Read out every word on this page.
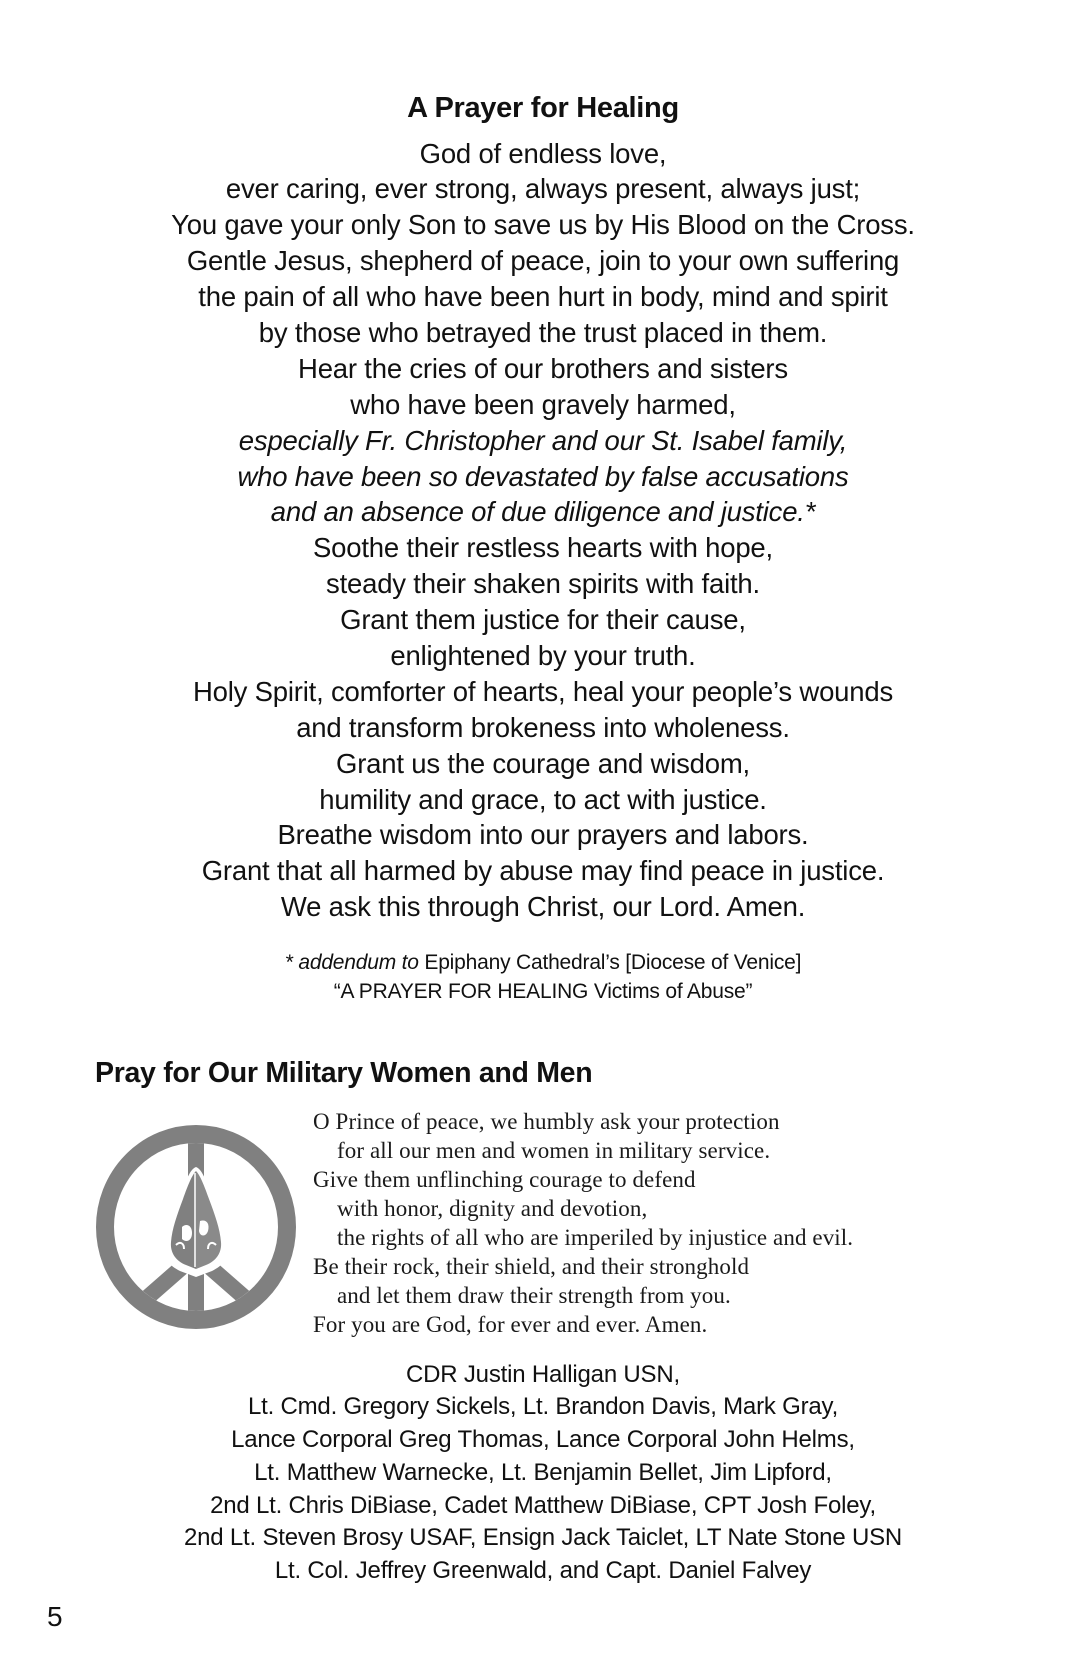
A Prayer for Healing
God of endless love,
ever caring, ever strong, always present, always just;
You gave your only Son to save us by His Blood on the Cross.
Gentle Jesus, shepherd of peace, join to your own suffering
the pain of all who have been hurt in body, mind and spirit
by those who betrayed the trust placed in them.
Hear the cries of our brothers and sisters
who have been gravely harmed,
especially Fr. Christopher and our St. Isabel family,
who have been so devastated by false accusations
and an absence of due diligence and justice.*
Soothe their restless hearts with hope,
steady their shaken spirits with faith.
Grant them justice for their cause,
enlightened by your truth.
Holy Spirit, comforter of hearts, heal your people’s wounds
and transform brokeness into wholeness.
Grant us the courage and wisdom,
humility and grace, to act with justice.
Breathe wisdom into our prayers and labors.
Grant that all harmed by abuse may find peace in justice.
We ask this through Christ, our Lord. Amen.
* addendum to Epiphany Cathedral’s [Diocese of Venice]
“A PRAYER FOR HEALING Victims of Abuse”
Pray for Our Military Women and Men
O Prince of peace, we humbly ask your protection
for all our men and women in military service.
Give them unflinching courage to defend
with honor, dignity and devotion,
the rights of all who are imperiled by injustice and evil.
Be their rock, their shield, and their stronghold
and let them draw their strength from you.
For you are God, for ever and ever. Amen.
CDR Justin Halligan USN,
Lt. Cmd. Gregory Sickels, Lt. Brandon Davis, Mark Gray,
Lance Corporal Greg Thomas, Lance Corporal John Helms,
Lt. Matthew Warnecke, Lt. Benjamin Bellet, Jim Lipford,
2nd Lt. Chris DiBiase, Cadet Matthew DiBiase, CPT Josh Foley,
2nd Lt. Steven Brosy USAF, Ensign Jack Taiclet, LT Nate Stone USN
Lt. Col. Jeffrey Greenwald, and Capt. Daniel Falvey
5
